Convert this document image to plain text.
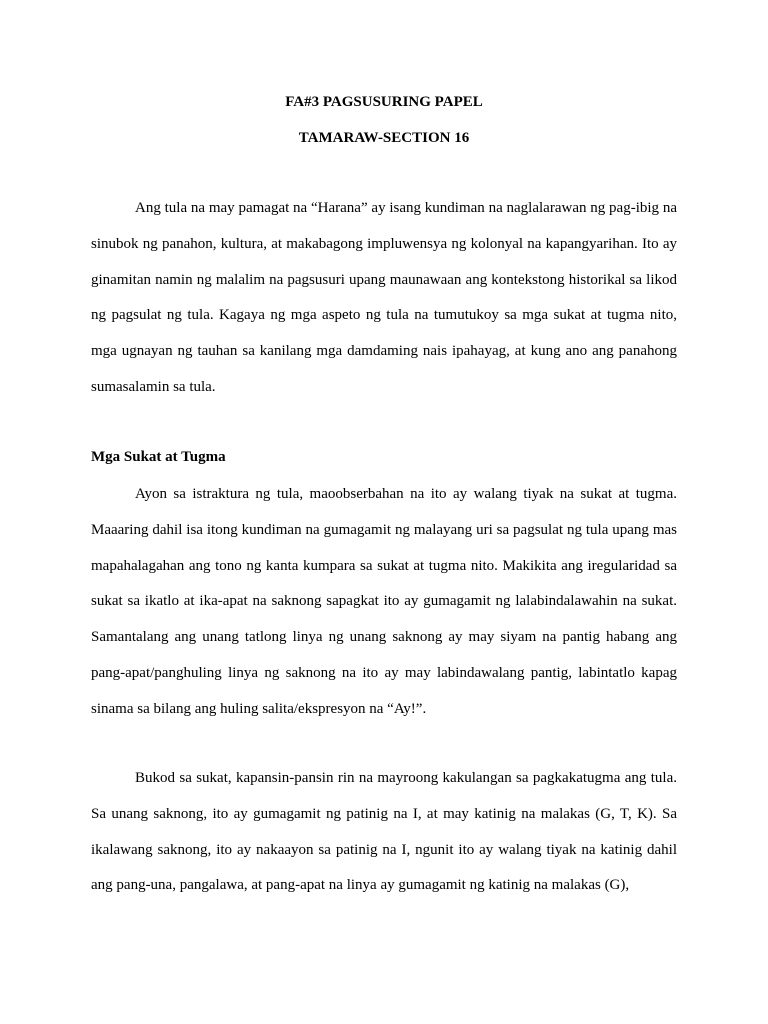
FA#3 PAGSUSURING PAPEL

TAMARAW-SECTION 16

Ang tula na may pamagat na “Harana” ay isang kundiman na naglalarawan ng pag-ibig na sinubok ng panahon, kultura, at makabagong impluwensya ng kolonyal na kapangyarihan. Ito ay ginamitan namin ng malalim na pagsusuri upang maunawaan ang kontekstong historikal sa likod ng pagsulat ng tula. Kagaya ng mga aspeto ng tula na tumutukoy sa mga sukat at tugma nito, mga ugnayan ng tauhan sa kanilang mga damdaming nais ipahayag, at kung ano ang panahong sumasalamin sa tula.

Mga Sukat at Tugma

Ayon sa istraktura ng tula, maoobserbahan na ito ay walang tiyak na sukat at tugma. Maaaring dahil isa itong kundiman na gumagamit ng malayang uri sa pagsulat ng tula upang mas mapahalagahan ang tono ng kanta kumpara sa sukat at tugma nito. Makikita ang iregularidad sa sukat sa ikatlo at ika-apat na saknong sapagkat ito ay gumagamit ng lalabindalawahin na sukat. Samantalang ang unang tatlong linya ng unang saknong ay may siyam na pantig habang ang pang-apat/panghuling linya ng saknong na ito ay may labindawalang pantig, labintatlo kapag sinama sa bilang ang huling salita/ekspresyon na “Ay!”.

Bukod sa sukat, kapansin-pansin rin na mayroong kakulangan sa pagkakatugma ang tula. Sa unang saknong, ito ay gumagamit ng patinig na I, at may katinig na malakas (G, T, K). Sa ikalawang saknong, ito ay nakaayon sa patinig na I, ngunit ito ay walang tiyak na katinig dahil ang pang-una, pangalawa, at pang-apat na linya ay gumagamit ng katinig na malakas (G),
